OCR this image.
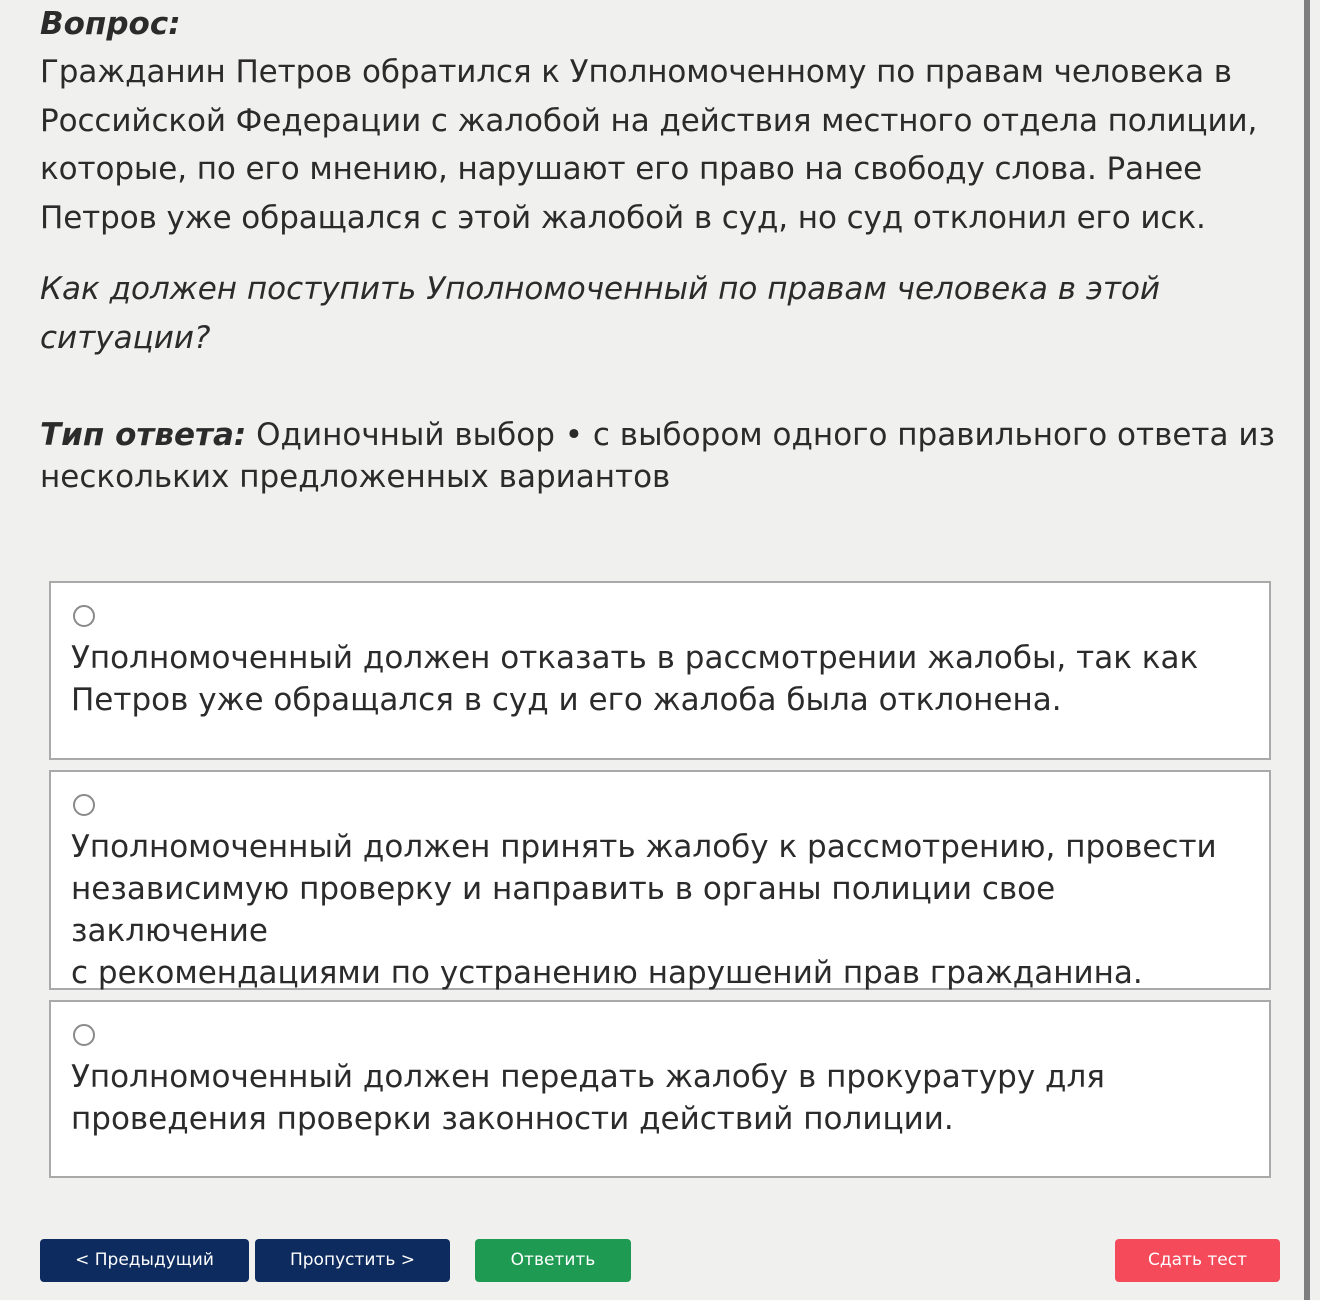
Вопрос:
Гражданин Петров обратился к Уполномоченному по правам человека в
Российской Федерации с жалобой на действия местного отдела полиции,
которые, по его мнению, нарушают его право на свободу слова. Ранее
Петров уже обращался с этой жалобой в суд, но суд отклонил его иск.
Как должен поступить Уполномоченный по правам человека в этой
ситуации?
Тип ответа: Одиночный выбор • с выбором одного правильного ответа из
нескольких предложенных вариантов
Уполномоченный должен отказать в рассмотрении жалобы, так как
Петров уже обращался в суд и его жалоба была отклонена.
Уполномоченный должен принять жалобу к рассмотрению, провести
независимую проверку и направить в органы полиции свое заключение
с рекомендациями по устранению нарушений прав гражданина.
Уполномоченный должен передать жалобу в прокуратуру для
проведения проверки законности действий полиции.
< Предыдущий	Пропустить >	Ответить	Сдать тест
